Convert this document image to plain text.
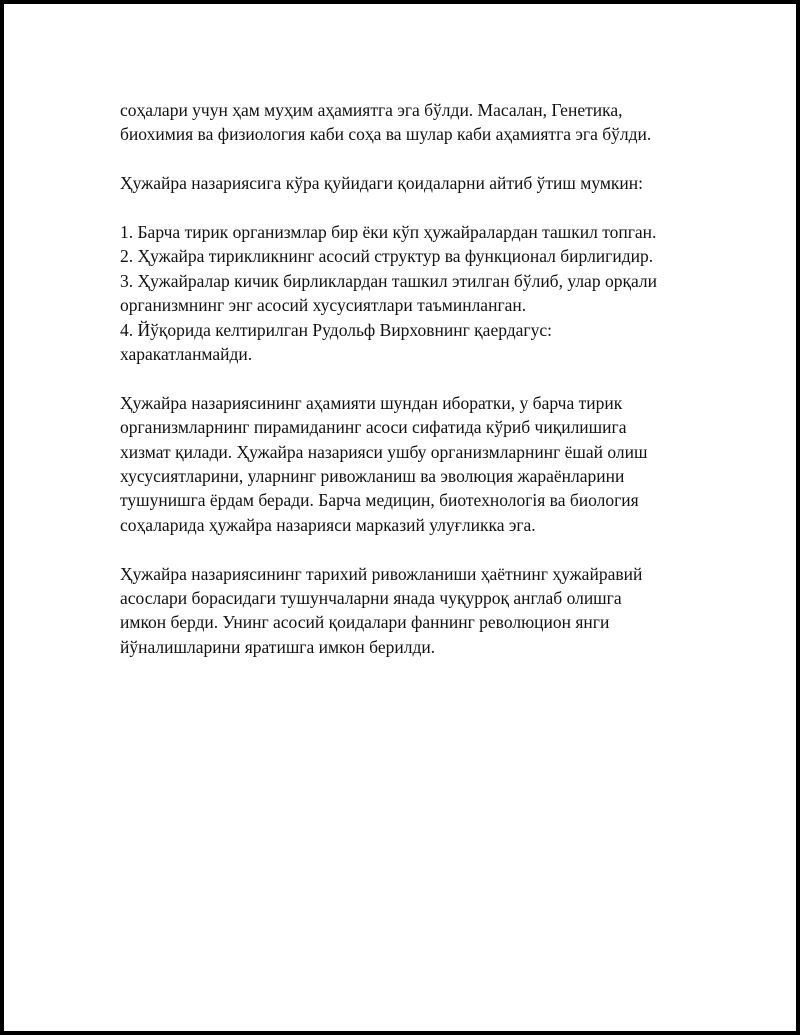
соҳалари учун ҳам муҳим аҳамиятга эга бўлди. Масалан, Генетика,
биохимия ва физиология каби соҳа ва шулар каби аҳамиятга эга бўлди.

Ҳужайра назариясига кўра қуйидаги қоидаларни айтиб ўтиш мумкин:

1. Барча тирик организмлар бир ёки кўп ҳужайралардан ташкил топган.
2. Ҳужайра тирикликнинг асосий структур ва функционал бирлигидир.
3. Ҳужайралар кичик бирликлардан ташкил этилган бўлиб, улар орқали
организмнинг энг асосий хусусиятлари таъминланган.
4. Йўқорида келтирилган Рудольф Вирховнинг қаердагус:
харакатланмайди.

Ҳужайра назариясининг аҳамияти шундан иборатки, у барча тирик
организмларнинг пирамиданинг асоси сифатида кўриб чиқилишига
хизмат қилади. Ҳужайра назарияси ушбу организмларнинг ёшай олиш
хусусиятларини, уларнинг ривожланиш ва эволюция жараёнларини
тушунишга ёрдам беради. Барча медицин, биотехнологiя ва биология
соҳаларида ҳужайра назарияси марказий улуғликка эга.

Ҳужайра назариясининг тарихий ривожланиши ҳаётнинг ҳужайравий
асослари борасидаги тушунчаларни янада чуқурроқ англаб олишга
имкон берди. Унинг асосий қоидалари фаннинг революцион янги
йўналишларини яратишга имкон берилди.
